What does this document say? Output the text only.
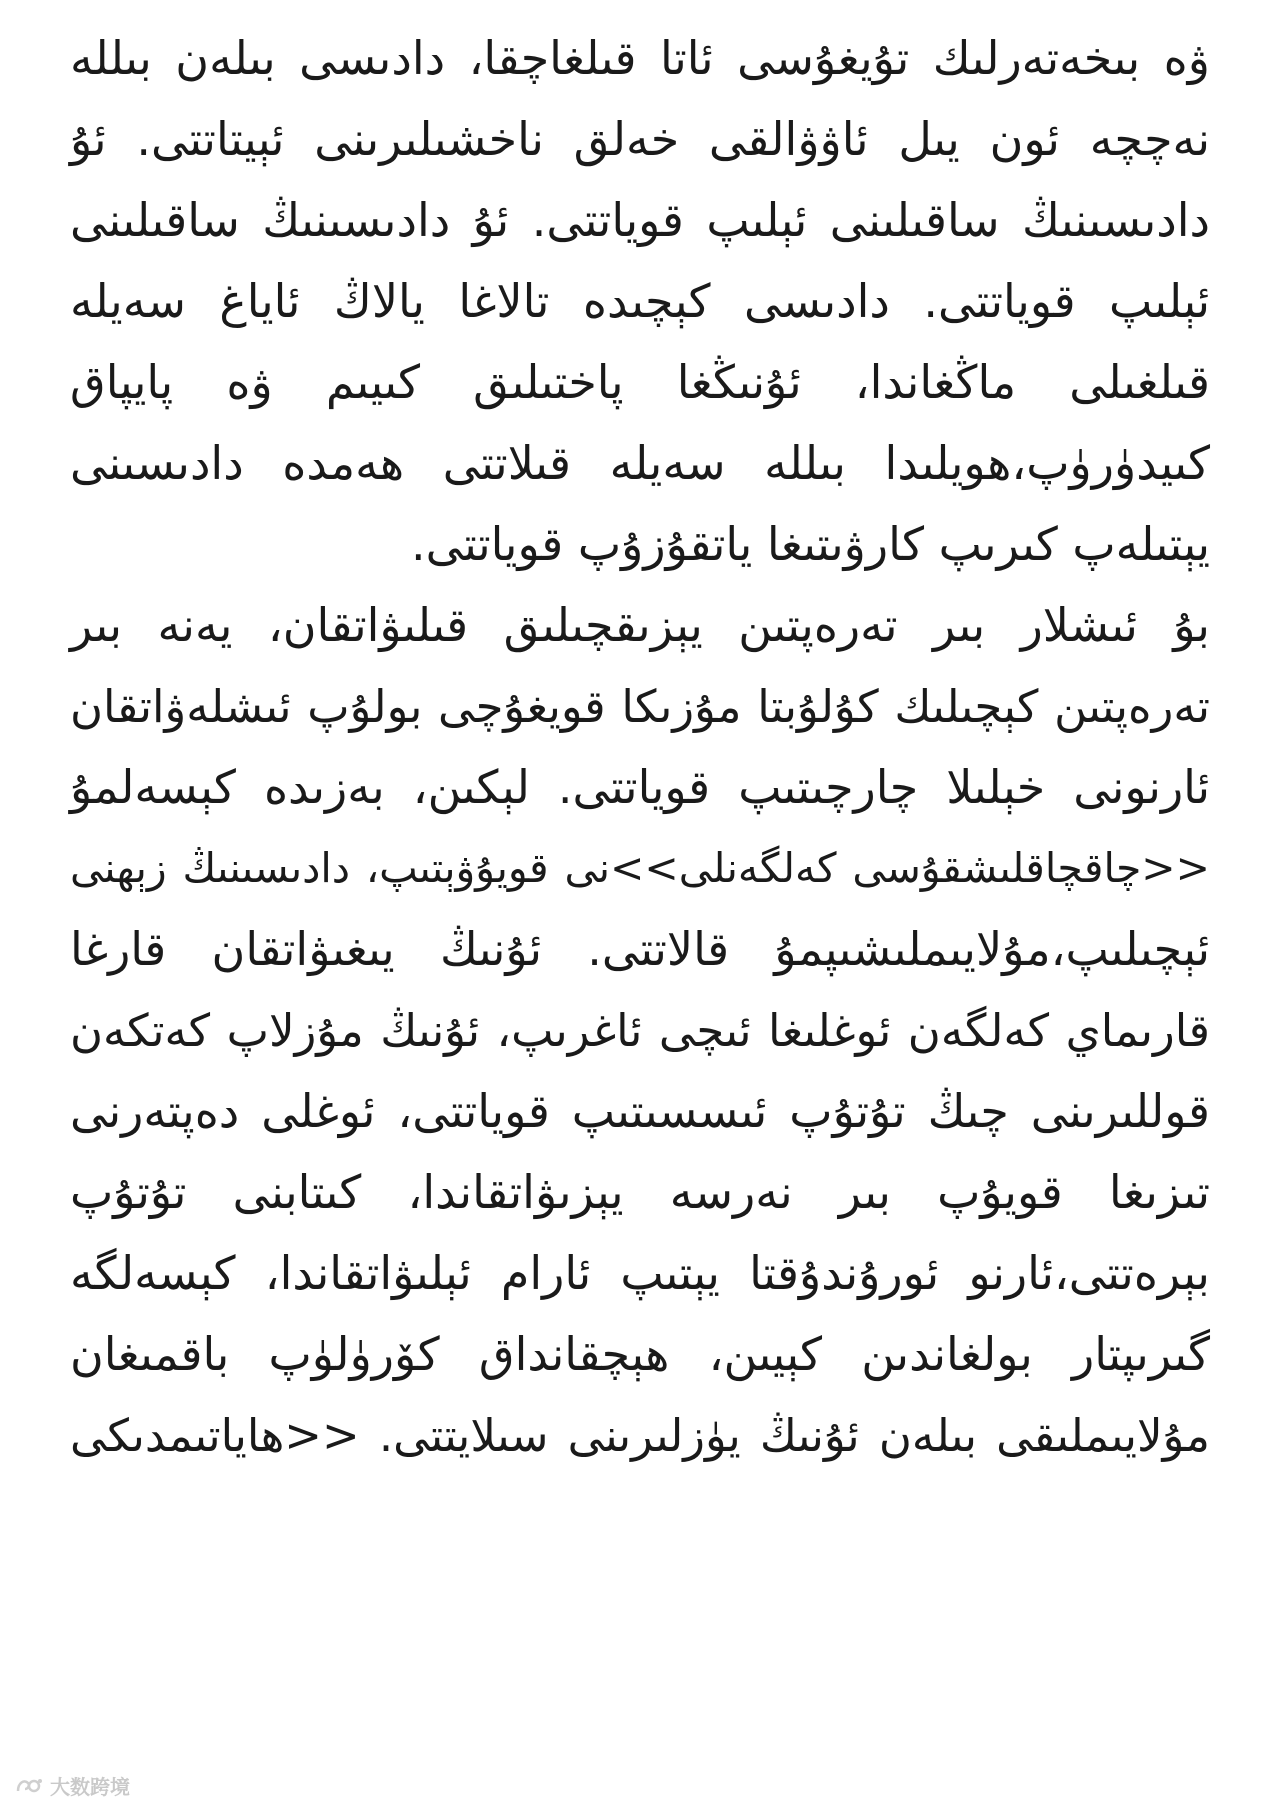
ۋە بىخەتەرلىك تۇيغۇسى ئاتا قىلغاچقا، دادىسى بىلەن بىللە
نەچچە ئون يىل ئاۋۋالقى خەلق ناخشىلىرىنى ئېيتاتتى. ئۇ
دادىسىنىڭ ساقىلىنى ئېلىپ قوياتتى. ئۇ دادىسىنىڭ ساقىلىنى
ئېلىپ قوياتتى. دادىسى كېچىدە تالاغا يالاڭ ئاياغ سەيلە
قىلغىلى ماڭغاندا، ئۇنىڭغا پاختىلىق كىيىم ۋە پايپاق
كىيدۈرۈپ،ھويلىدا بىللە سەيلە قىلاتتى ھەمدە دادىسىنى
يېتىلەپ كىرىپ كارۋىتىغا ياتقۇزۇپ قوياتتى.
بۇ ئىشلار بىر تەرەپتىن يېزىقچىلىق قىلىۋاتقان، يەنە بىر
تەرەپتىن كېچىلىك كۇلۇبتا مۇزىكا قويغۇچى بولۇپ ئىشلەۋاتقان
ئارنونى خېلىلا چارچىتىپ قوياتتى. لېكىن، بەزىدە كېسەلمۇ
<<چاقچاقلىشقۇسى كەلگەنلى>>نى قويۇۋېتىپ، دادىسىنىڭ زېھنى
ئېچىلىپ،مۇلايىملىشىپمۇ قالاتتى. ئۇنىڭ يىغىۋاتقان قارغا
قارىماي كەلگەن ئوغلىغا ئىچى ئاغرىپ، ئۇنىڭ مۇزلاپ كەتكەن
قوللىرىنى چىڭ تۇتۇپ ئىسسىتىپ قوياتتى، ئوغلى دەپتەرنى
تىزىغا قويۇپ بىر نەرسە يېزىۋاتقاندا، كىتابنى تۇتۇپ
بېرەتتى،ئارنو ئورۇندۇقتا يېتىپ ئارام ئېلىۋاتقاندا، كېسەلگە
گىرىپتار بولغاندىن كېيىن، ھېچقانداق كۆرۈلۈپ باقمىغان
مۇلايىملىقى بىلەن ئۇنىڭ يۈزلىرىنى سىلايتتى. <<ھاياتىمدىكى
大数跨境
